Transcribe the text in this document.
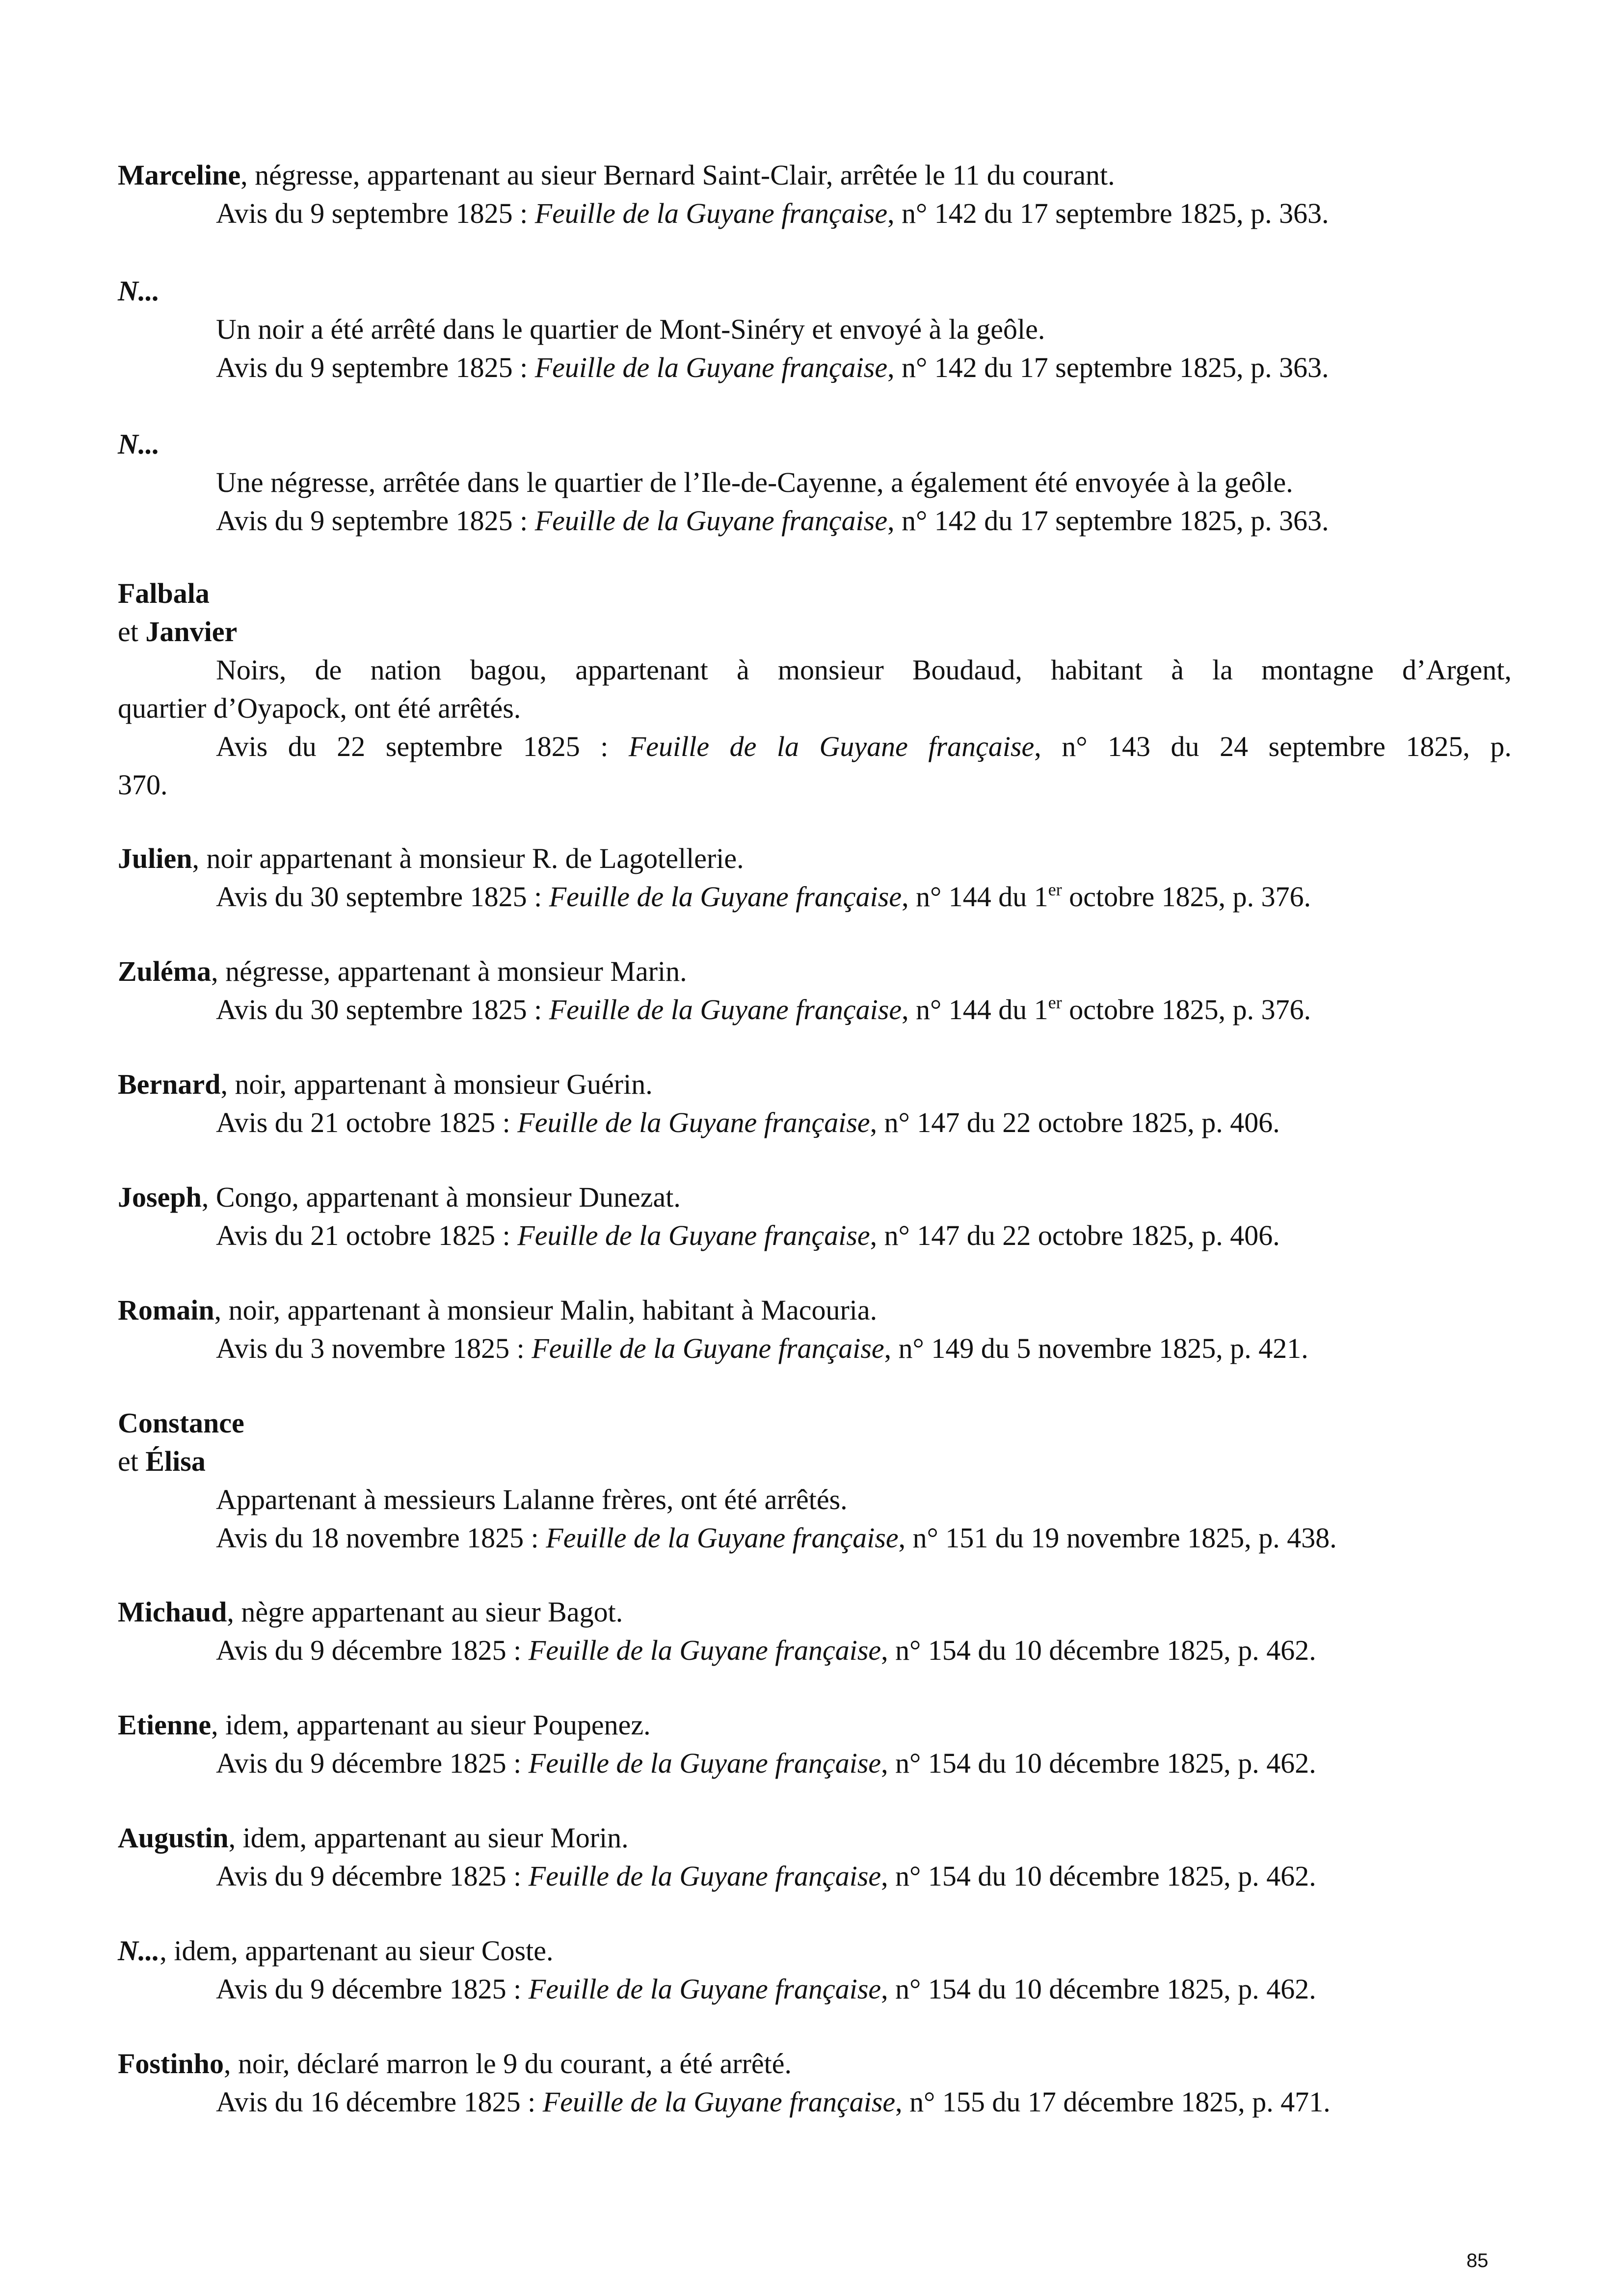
Marceline, négresse, appartenant au sieur Bernard Saint-Clair, arrêtée le 11 du courant.
Avis du 9 septembre 1825 : Feuille de la Guyane française, n° 142 du 17 septembre 1825, p. 363.
N...
Un noir a été arrêté dans le quartier de Mont-Sinéry et envoyé à la geôle.
Avis du 9 septembre 1825 : Feuille de la Guyane française, n° 142 du 17 septembre 1825, p. 363.
N...
Une négresse, arrêtée dans le quartier de l’Ile-de-Cayenne, a également été envoyée à la geôle.
Avis du 9 septembre 1825 : Feuille de la Guyane française, n° 142 du 17 septembre 1825, p. 363.
Falbala
et Janvier
Noirs, de nation bagou, appartenant à monsieur Boudaud, habitant à la montagne d’Argent,
quartier d’Oyapock, ont été arrêtés.
Avis du 22 septembre 1825 : Feuille de la Guyane française, n° 143 du 24 septembre 1825, p.
370.
Julien, noir appartenant à monsieur R. de Lagotellerie.
Avis du 30 septembre 1825 : Feuille de la Guyane française, n° 144 du 1er octobre 1825, p. 376.
Zuléma, négresse, appartenant à monsieur Marin.
Avis du 30 septembre 1825 : Feuille de la Guyane française, n° 144 du 1er octobre 1825, p. 376.
Bernard, noir, appartenant à monsieur Guérin.
Avis du 21 octobre 1825 : Feuille de la Guyane française, n° 147 du 22 octobre 1825, p. 406.
Joseph, Congo, appartenant à monsieur Dunezat.
Avis du 21 octobre 1825 : Feuille de la Guyane française, n° 147 du 22 octobre 1825, p. 406.
Romain, noir, appartenant à monsieur Malin, habitant à Macouria.
Avis du 3 novembre 1825 : Feuille de la Guyane française, n° 149 du 5 novembre 1825, p. 421.
Constance
et Élisa
Appartenant à messieurs Lalanne frères, ont été arrêtés.
Avis du 18 novembre 1825 : Feuille de la Guyane française, n° 151 du 19 novembre 1825, p. 438.
Michaud, nègre appartenant au sieur Bagot.
Avis du 9 décembre 1825 : Feuille de la Guyane française, n° 154 du 10 décembre 1825, p. 462.
Etienne, idem, appartenant au sieur Poupenez.
Avis du 9 décembre 1825 : Feuille de la Guyane française, n° 154 du 10 décembre 1825, p. 462.
Augustin, idem, appartenant au sieur Morin.
Avis du 9 décembre 1825 : Feuille de la Guyane française, n° 154 du 10 décembre 1825, p. 462.
N..., idem, appartenant au sieur Coste.
Avis du 9 décembre 1825 : Feuille de la Guyane française, n° 154 du 10 décembre 1825, p. 462.
Fostinho, noir, déclaré marron le 9 du courant, a été arrêté.
Avis du 16 décembre 1825 : Feuille de la Guyane française, n° 155 du 17 décembre 1825, p. 471.
85
